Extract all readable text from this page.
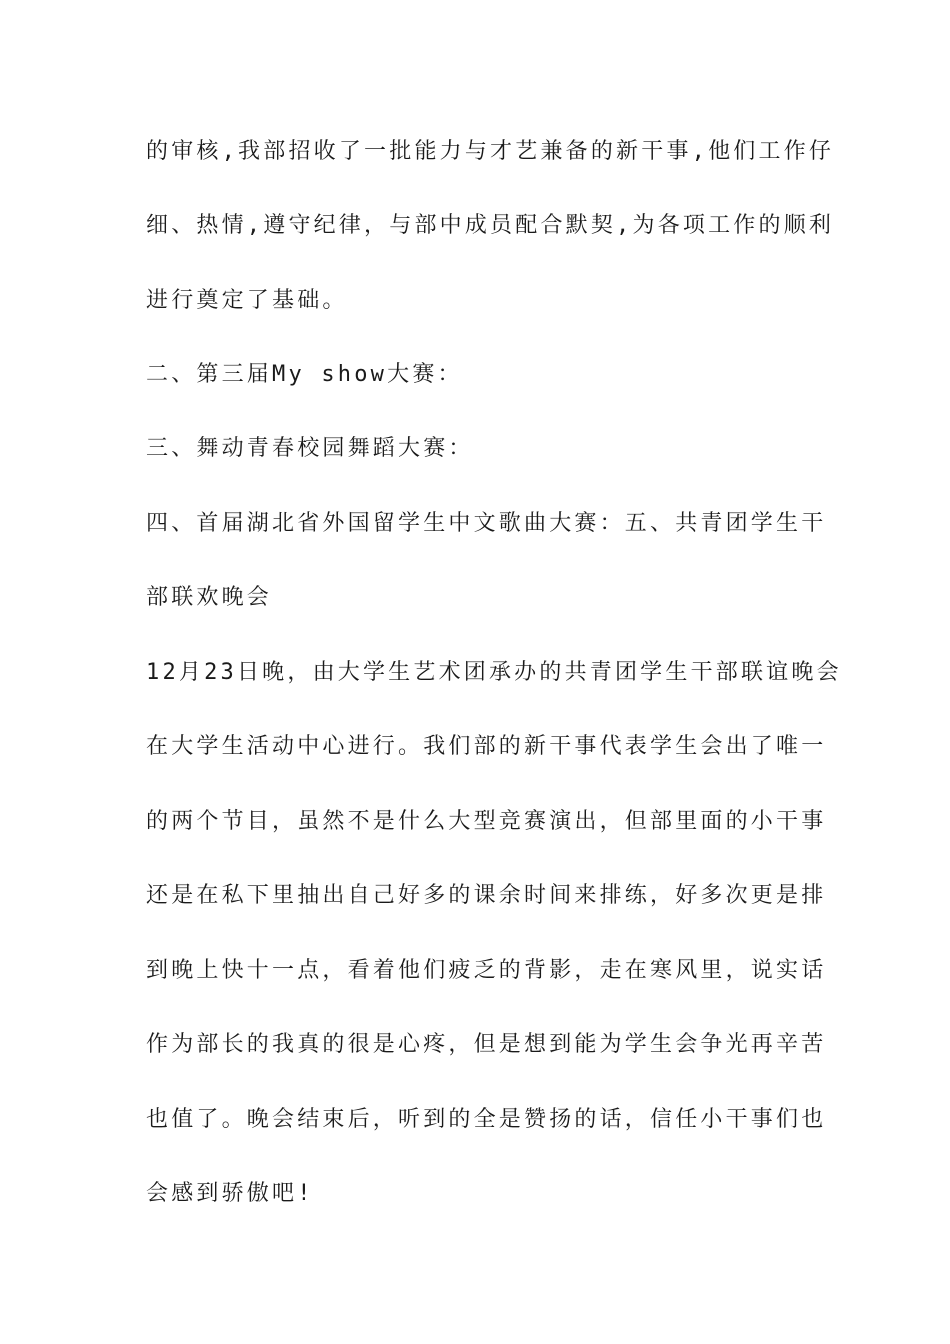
的审核,我部招收了一批能力与才艺兼备的新干事,他们工作仔
细、热情,遵守纪律，与部中成员配合默契,为各项工作的顺利
进行奠定了基础。
二、第三届My show大赛：
三、舞动青春校园舞蹈大赛：
四、首届湖北省外国留学生中文歌曲大赛：五、共青团学生干
部联欢晚会
12月23日晚，由大学生艺术团承办的共青团学生干部联谊晚会
在大学生活动中心进行。我们部的新干事代表学生会出了唯一
的两个节目，虽然不是什么大型竞赛演出，但部里面的小干事
还是在私下里抽出自己好多的课余时间来排练，好多次更是排
到晚上快十一点，看着他们疲乏的背影，走在寒风里，说实话
作为部长的我真的很是心疼，但是想到能为学生会争光再辛苦
也值了。晚会结束后，听到的全是赞扬的话，信任小干事们也
会感到骄傲吧!
